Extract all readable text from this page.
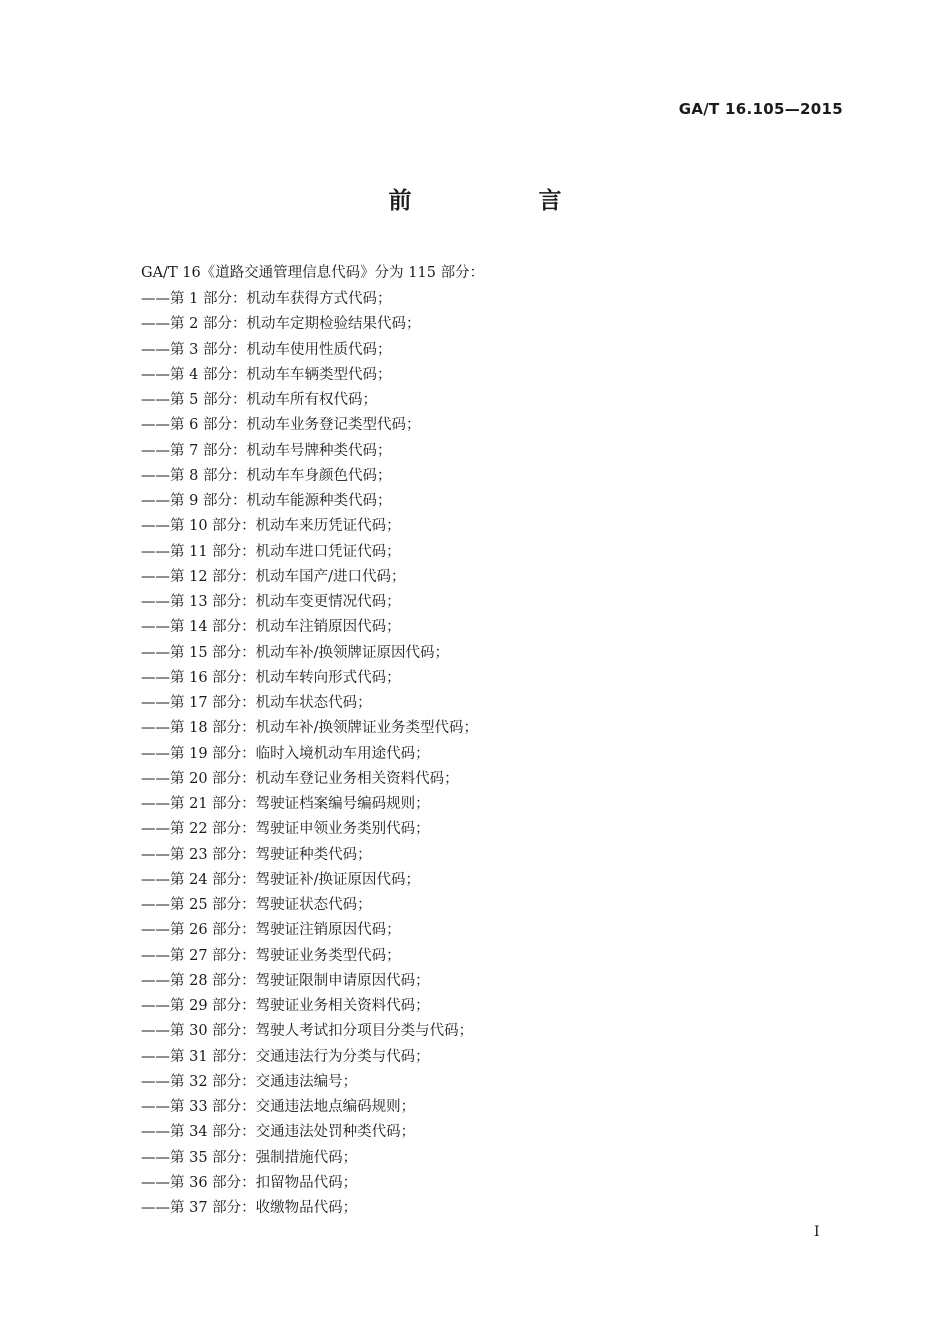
GA/T 16.105—2015
前　言
GA/T 16《道路交通管理信息代码》分为 115 部分：
——第 1 部分：机动车获得方式代码；
——第 2 部分：机动车定期检验结果代码；
——第 3 部分：机动车使用性质代码；
——第 4 部分：机动车车辆类型代码；
——第 5 部分：机动车所有权代码；
——第 6 部分：机动车业务登记类型代码；
——第 7 部分：机动车号牌种类代码；
——第 8 部分：机动车车身颜色代码；
——第 9 部分：机动车能源种类代码；
——第 10 部分：机动车来历凭证代码；
——第 11 部分：机动车进口凭证代码；
——第 12 部分：机动车国产/进口代码；
——第 13 部分：机动车变更情况代码；
——第 14 部分：机动车注销原因代码；
——第 15 部分：机动车补/换领牌证原因代码；
——第 16 部分：机动车转向形式代码；
——第 17 部分：机动车状态代码；
——第 18 部分：机动车补/换领牌证业务类型代码；
——第 19 部分：临时入境机动车用途代码；
——第 20 部分：机动车登记业务相关资料代码；
——第 21 部分：驾驶证档案编号编码规则；
——第 22 部分：驾驶证申领业务类别代码；
——第 23 部分：驾驶证种类代码；
——第 24 部分：驾驶证补/换证原因代码；
——第 25 部分：驾驶证状态代码；
——第 26 部分：驾驶证注销原因代码；
——第 27 部分：驾驶证业务类型代码；
——第 28 部分：驾驶证限制申请原因代码；
——第 29 部分：驾驶证业务相关资料代码；
——第 30 部分：驾驶人考试扣分项目分类与代码；
——第 31 部分：交通违法行为分类与代码；
——第 32 部分：交通违法编号；
——第 33 部分：交通违法地点编码规则；
——第 34 部分：交通违法处罚种类代码；
——第 35 部分：强制措施代码；
——第 36 部分：扣留物品代码；
——第 37 部分：收缴物品代码；
I
